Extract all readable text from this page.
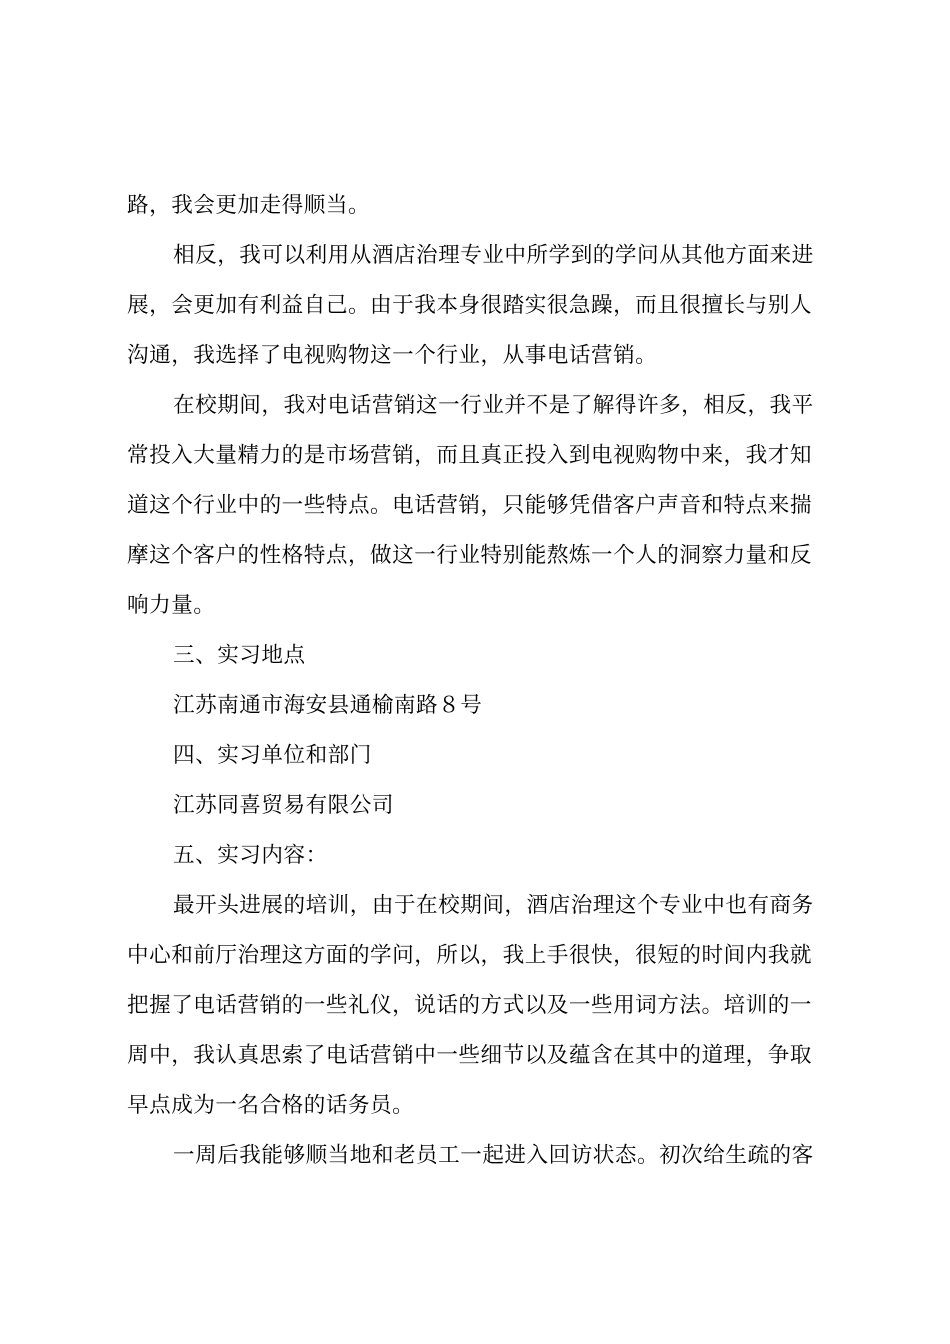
路，我会更加走得顺当。
相反，我可以利用从酒店治理专业中所学到的学问从其他方面来进
展，会更加有利益自己。由于我本身很踏实很急躁，而且很擅长与别人
沟通，我选择了电视购物这一个行业，从事电话营销。
在校期间，我对电话营销这一行业并不是了解得许多，相反，我平
常投入大量精力的是市场营销，而且真正投入到电视购物中来，我才知
道这个行业中的一些特点。电话营销，只能够凭借客户声音和特点来揣
摩这个客户的性格特点，做这一行业特别能熬炼一个人的洞察力量和反
响力量。
三、实习地点
江苏南通市海安县通榆南路８号
四、实习单位和部门
江苏同喜贸易有限公司
五、实习内容：
最开头进展的培训，由于在校期间，酒店治理这个专业中也有商务
中心和前厅治理这方面的学问，所以，我上手很快，很短的时间内我就
把握了电话营销的一些礼仪，说话的方式以及一些用词方法。培训的一
周中，我认真思索了电话营销中一些细节以及蕴含在其中的道理，争取
早点成为一名合格的话务员。
一周后我能够顺当地和老员工一起进入回访状态。初次给生疏的客
